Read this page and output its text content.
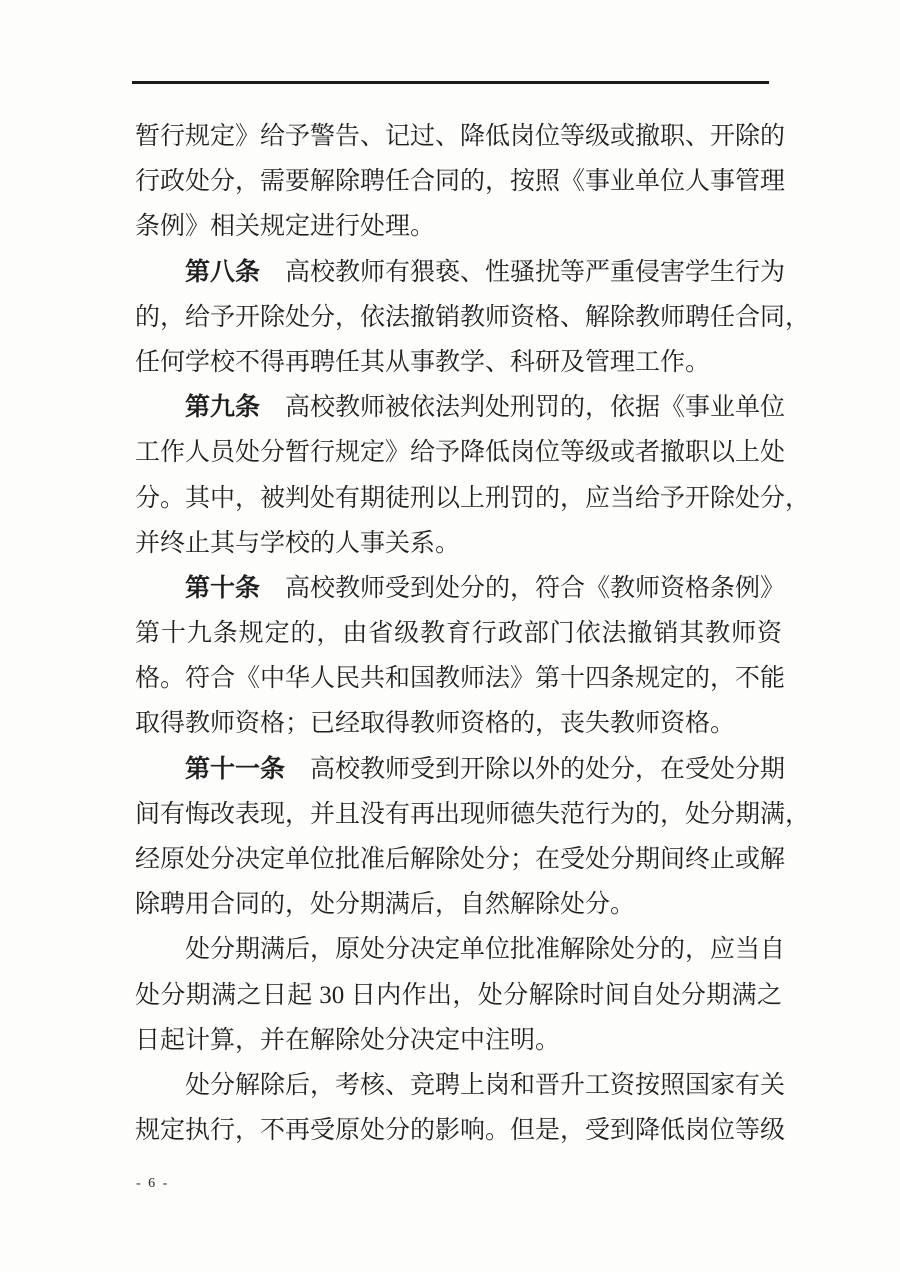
暂行规定》给予警告、记过、降低岗位等级或撤职、开除的
行政处分，需要解除聘任合同的，按照《事业单位人事管理
条例》相关规定进行处理。
第八条　高校教师有猥亵、性骚扰等严重侵害学生行为
的，给予开除处分，依法撤销教师资格、解除教师聘任合同，
任何学校不得再聘任其从事教学、科研及管理工作。
第九条　高校教师被依法判处刑罚的，依据《事业单位
工作人员处分暂行规定》给予降低岗位等级或者撤职以上处
分。其中，被判处有期徒刑以上刑罚的，应当给予开除处分，
并终止其与学校的人事关系。
第十条　高校教师受到处分的，符合《教师资格条例》
第十九条规定的，由省级教育行政部门依法撤销其教师资
格。符合《中华人民共和国教师法》第十四条规定的，不能
取得教师资格；已经取得教师资格的，丧失教师资格。
第十一条　高校教师受到开除以外的处分，在受处分期
间有悔改表现，并且没有再出现师德失范行为的，处分期满，
经原处分决定单位批准后解除处分；在受处分期间终止或解
除聘用合同的，处分期满后，自然解除处分。
处分期满后，原处分决定单位批准解除处分的，应当自
处分期满之日起 30 日内作出，处分解除时间自处分期满之
日起计算，并在解除处分决定中注明。
处分解除后，考核、竞聘上岗和晋升工资按照国家有关
规定执行，不再受原处分的影响。但是，受到降低岗位等级
- 6 -
